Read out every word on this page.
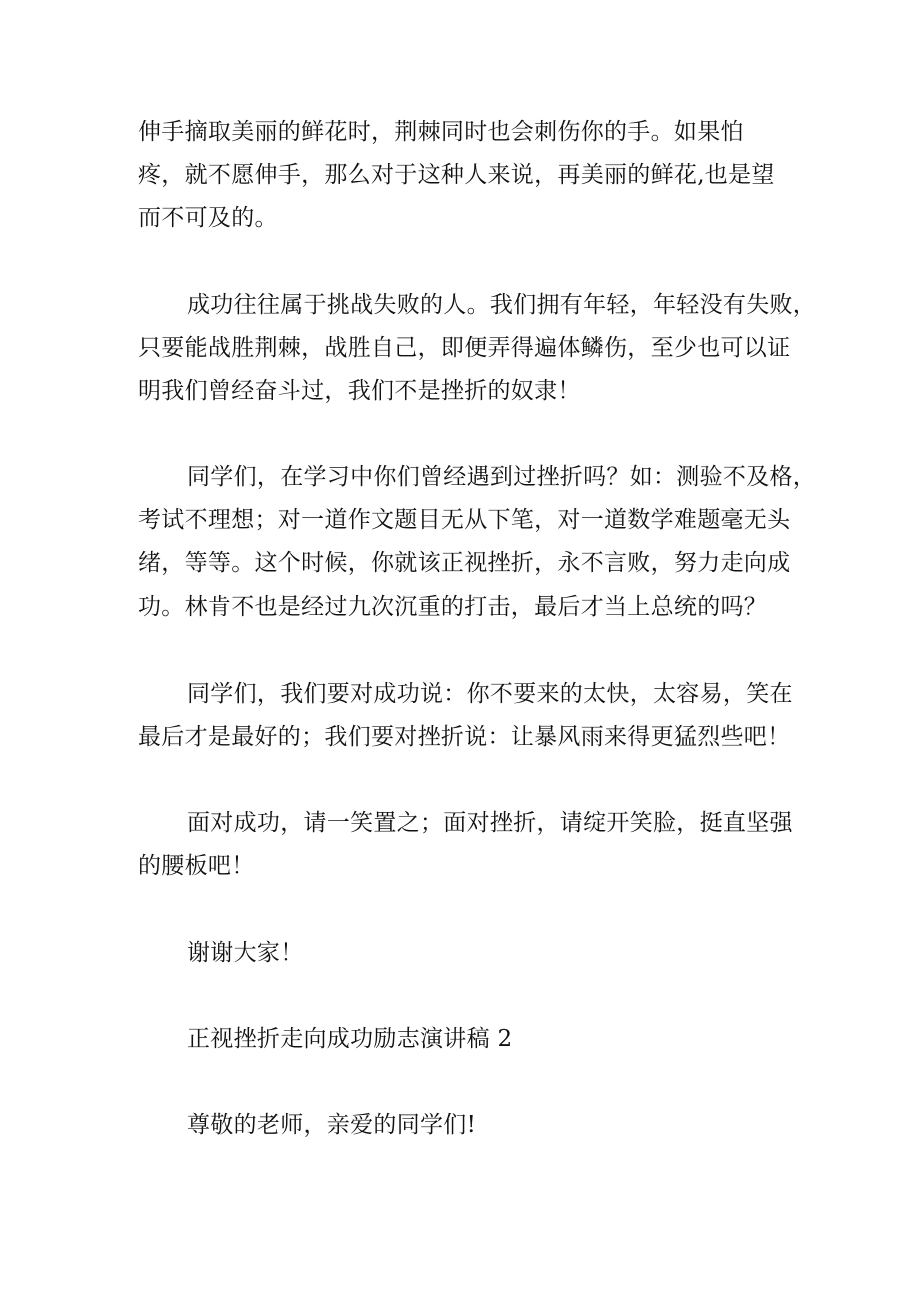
伸手摘取美丽的鲜花时，荆棘同时也会刺伤你的手。如果怕
疼，就不愿伸手，那么对于这种人来说，再美丽的鲜花,也是望
而不可及的。
成功往往属于挑战失败的人。我们拥有年轻，年轻没有失败，
只要能战胜荆棘，战胜自己，即便弄得遍体鳞伤，至少也可以证
明我们曾经奋斗过，我们不是挫折的奴隶！
同学们，在学习中你们曾经遇到过挫折吗？如：测验不及格，
考试不理想；对一道作文题目无从下笔，对一道数学难题毫无头
绪，等等。这个时候，你就该正视挫折，永不言败，努力走向成
功。林肯不也是经过九次沉重的打击，最后才当上总统的吗？
同学们，我们要对成功说：你不要来的太快，太容易，笑在
最后才是最好的；我们要对挫折说：让暴风雨来得更猛烈些吧！
面对成功，请一笑置之；面对挫折，请绽开笑脸，挺直坚强
的腰板吧！
谢谢大家！
正视挫折走向成功励志演讲稿 2
尊敬的老师，亲爱的同学们!
